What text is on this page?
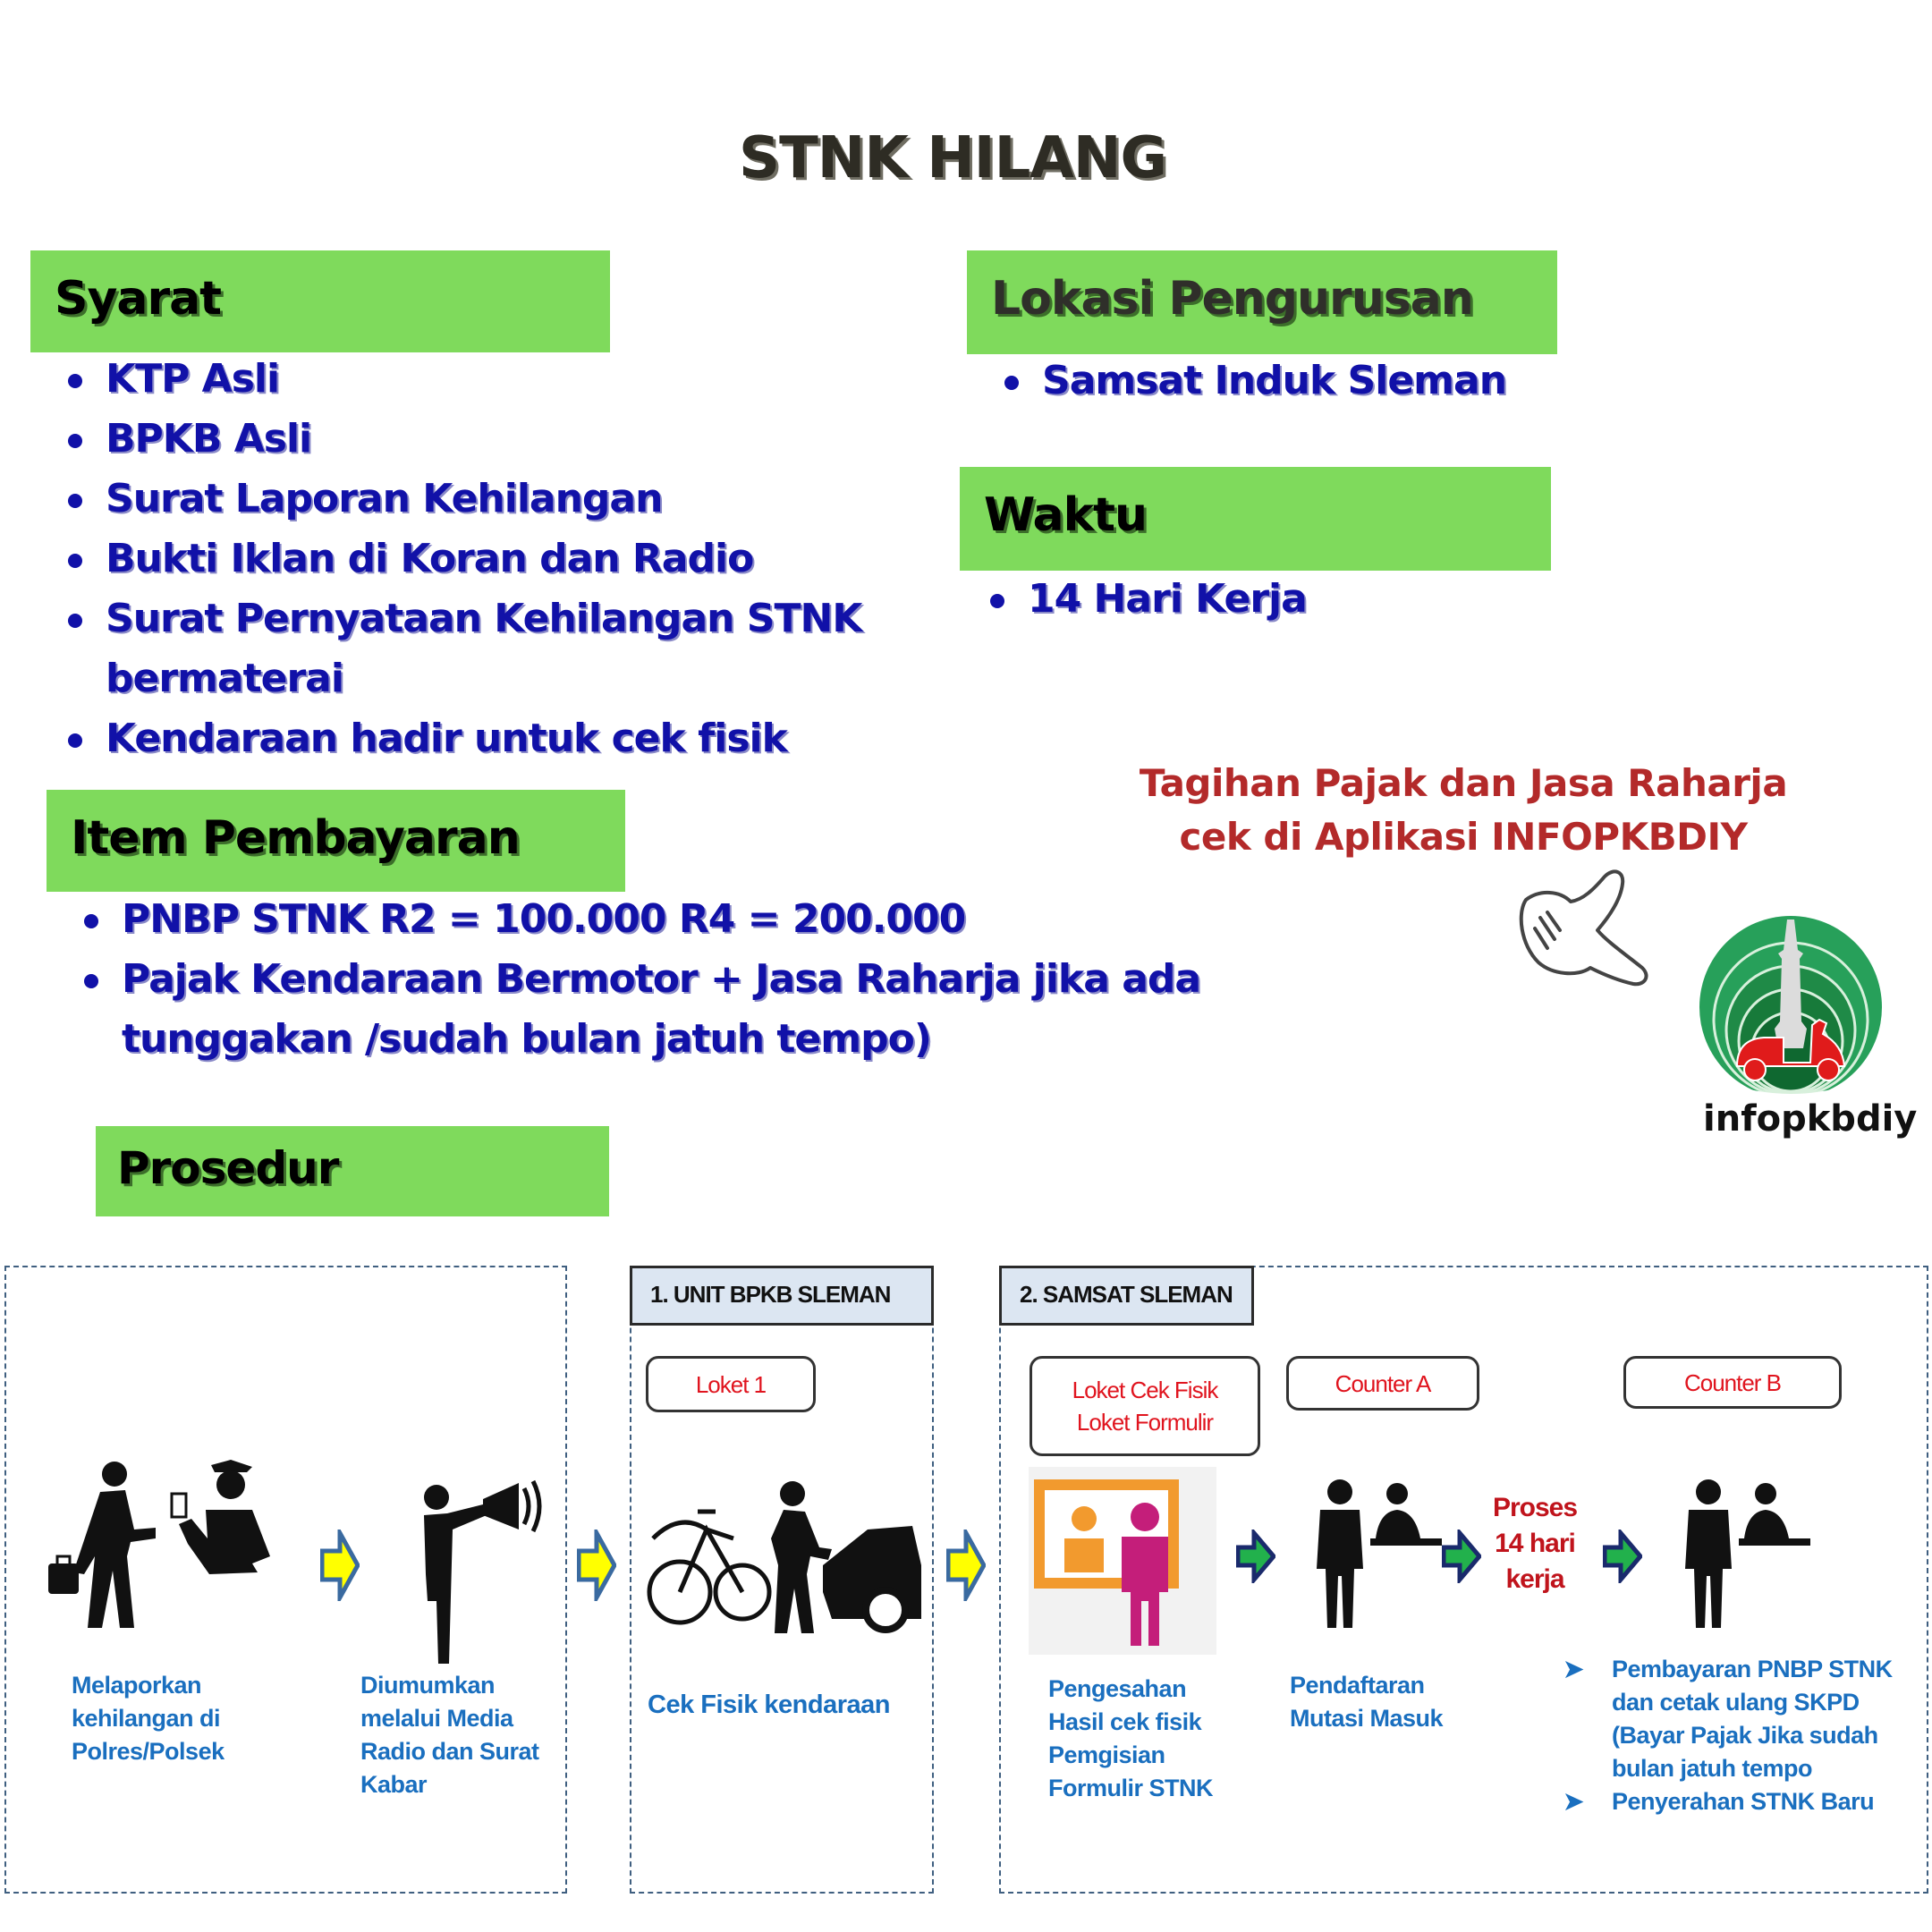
STNK HILANG
Syarat
KTP Asli
BPKB Asli
Surat Laporan Kehilangan
Bukti Iklan di Koran dan Radio
Surat Pernyataan Kehilangan STNK
bermaterai
Kendaraan hadir untuk cek fisik
Lokasi Pengurusan
Samsat Induk Sleman
Waktu
14 Hari Kerja
Item Pembayaran
PNBP STNK R2 = 100.000 R4 = 200.000
Pajak Kendaraan Bermotor + Jasa Raharja jika ada
tunggakan /sudah bulan jatuh tempo)
Tagihan Pajak dan Jasa Raharja
cek di Aplikasi INFOPKBDIY
infopkbdiy
Prosedur
1. UNIT BPKB SLEMAN	2. SAMSAT SLEMAN
Loket 1	Loket Cek Fisik
Loket Formulir
Counter A	Counter B
Proses
14 hari
kerja
Melaporkan
kehilangan di
Polres/Polsek
Diumumkan
melalui Media
Radio dan Surat
Kabar
Cek Fisik kendaraan
Pengesahan
Hasil cek fisik
Pemgisian
Formulir STNK
Pendaftaran
Mutasi Masuk
➤ Pembayaran PNBP STNK
dan cetak ulang SKPD
(Bayar Pajak Jika sudah
bulan jatuh tempo
➤ Penyerahan STNK Baru
